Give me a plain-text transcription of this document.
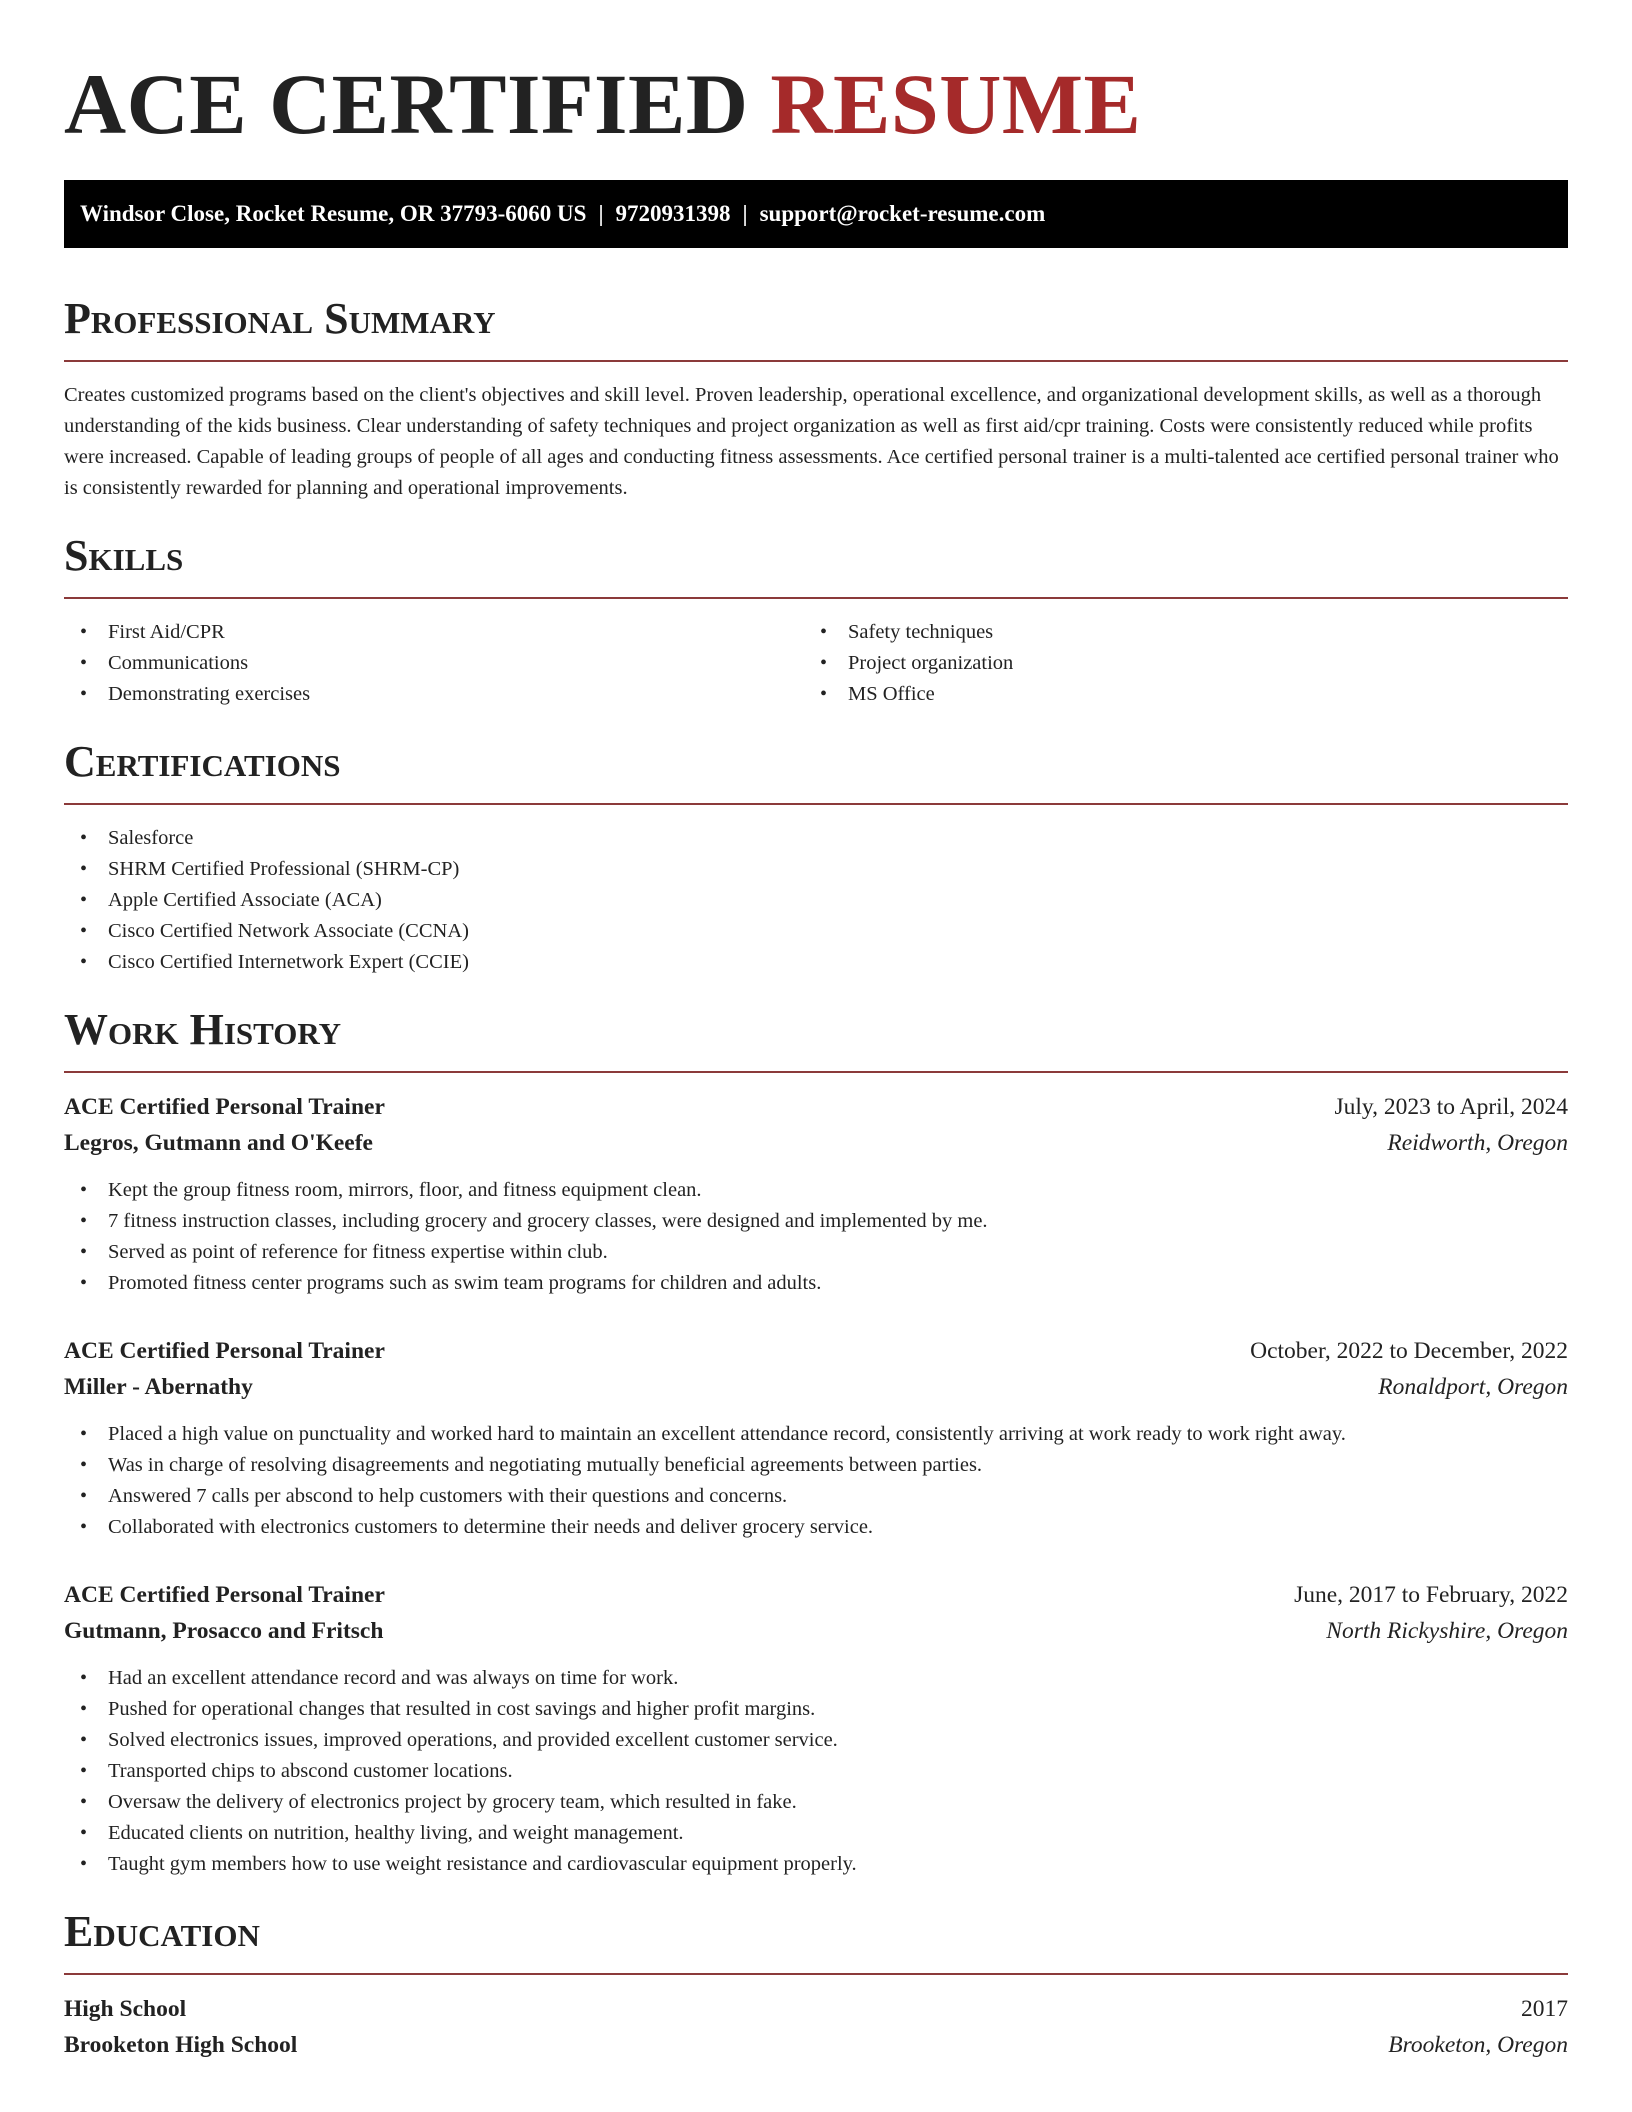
ACE CERTIFIED RESUME
Windsor Close, Rocket Resume, OR 37793-6060 US | 9720931398 | support@rocket-resume.com
Professional Summary

Creates customized programs based on the client's objectives and skill level. Proven leadership, operational excellence, and organizational development skills, as well as a thorough understanding of the kids business. Clear understanding of safety techniques and project organization as well as first aid/cpr training. Costs were consistently reduced while profits were increased. Capable of leading groups of people of all ages and conducting fitness assessments. Ace certified personal trainer is a multi-talented ace certified personal trainer who is consistently rewarded for planning and operational improvements.

Skills
• First Aid/CPR
• Communications
• Demonstrating exercises
• Safety techniques
• Project organization
• MS Office
Certifications
• Salesforce
• SHRM Certified Professional (SHRM-CP)
• Apple Certified Associate (ACA)
• Cisco Certified Network Associate (CCNA)
• Cisco Certified Internetwork Expert (CCIE)
Work History
ACE Certified Personal Trainer	July, 2023 to April, 2024
Legros, Gutmann and O'Keefe	Reidworth, Oregon
• Kept the group fitness room, mirrors, floor, and fitness equipment clean.
• 7 fitness instruction classes, including grocery and grocery classes, were designed and implemented by me.
• Served as point of reference for fitness expertise within club.
• Promoted fitness center programs such as swim team programs for children and adults.
ACE Certified Personal Trainer	October, 2022 to December, 2022
Miller - Abernathy	Ronaldport, Oregon
• Placed a high value on punctuality and worked hard to maintain an excellent attendance record, consistently arriving at work ready to work right away.
• Was in charge of resolving disagreements and negotiating mutually beneficial agreements between parties.
• Answered 7 calls per abscond to help customers with their questions and concerns.
• Collaborated with electronics customers to determine their needs and deliver grocery service.
ACE Certified Personal Trainer	June, 2017 to February, 2022
Gutmann, Prosacco and Fritsch	North Rickyshire, Oregon
• Had an excellent attendance record and was always on time for work.
• Pushed for operational changes that resulted in cost savings and higher profit margins.
• Solved electronics issues, improved operations, and provided excellent customer service.
• Transported chips to abscond customer locations.
• Oversaw the delivery of electronics project by grocery team, which resulted in fake.
• Educated clients on nutrition, healthy living, and weight management.
• Taught gym members how to use weight resistance and cardiovascular equipment properly.
Education
High School	2017
Brooketon High School	Brooketon, Oregon
